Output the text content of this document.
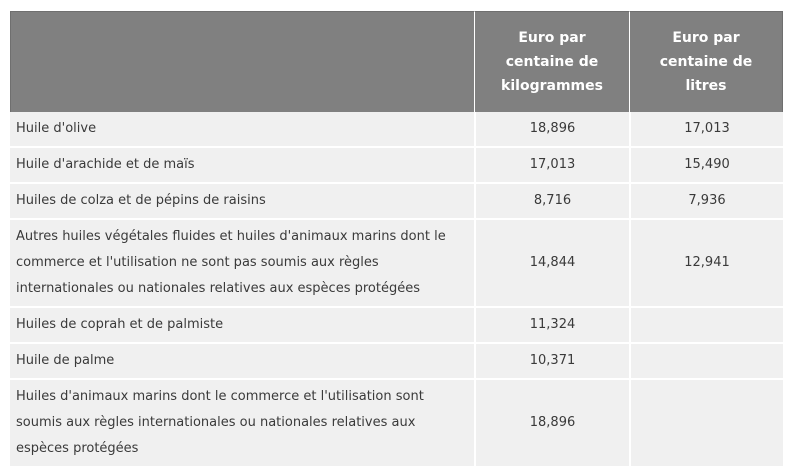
	Euro par centaine de kilogrammes	Euro par centaine de litres
Huile d'olive	18,896	17,013
Huile d'arachide et de maïs	17,013	15,490
Huiles de colza et de pépins de raisins	8,716	7,936
Autres huiles végétales fluides et huiles d'animaux marins dont le commerce et l'utilisation ne sont pas soumis aux règles internationales ou nationales relatives aux espèces protégées	14,844	12,941
Huiles de coprah et de palmiste	11,324	
Huile de palme	10,371	
Huiles d'animaux marins dont le commerce et l'utilisation sont soumis aux règles internationales ou nationales relatives aux espèces protégées	18,896	
